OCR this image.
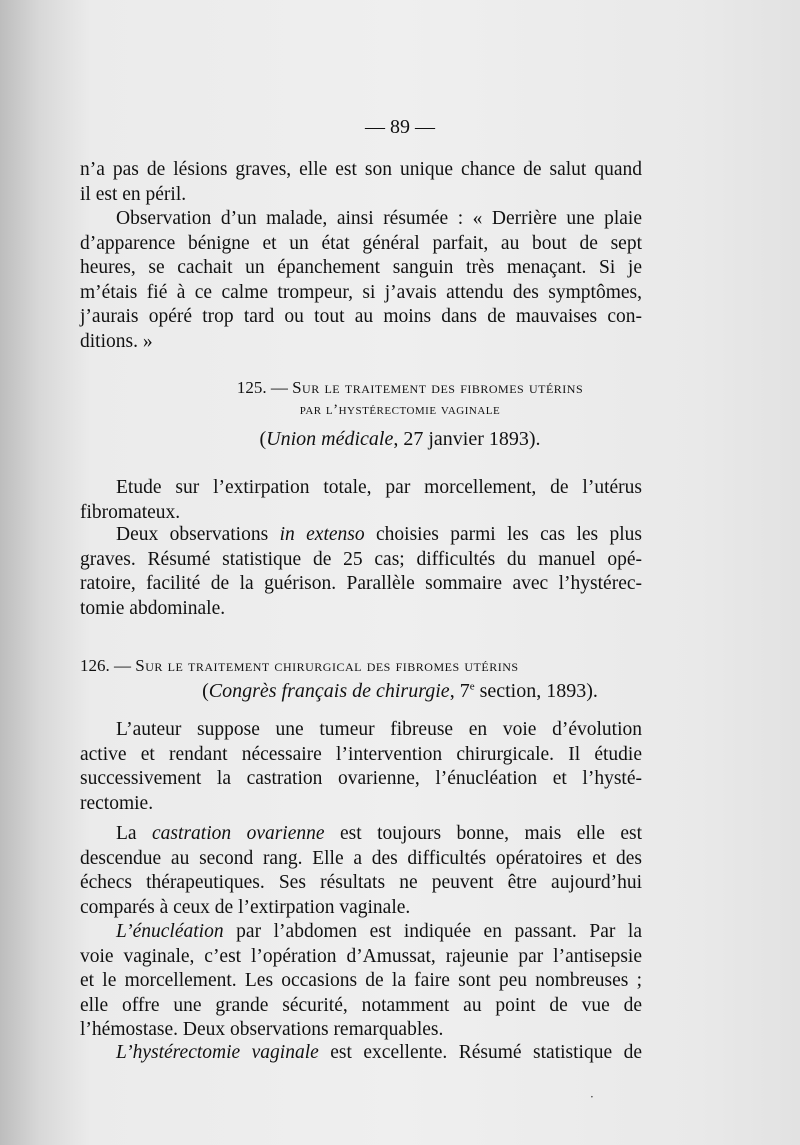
— 89 —
n’a pas de lésions graves, elle est son unique chance de salut quand
il est en péril.
Observation d’un malade, ainsi résumée : « Derrière une plaie
d’apparence bénigne et un état général parfait, au bout de sept
heures, se cachait un épanchement sanguin très menaçant. Si je
m’étais fié à ce calme trompeur, si j’avais attendu des symptômes,
j’aurais opéré trop tard ou tout au moins dans de mauvaises con-
ditions. »
125. — Sur le traitement des fibromes utérins
par l’hystérectomie vaginale
(Union médicale, 27 janvier 1893).
Etude sur l’extirpation totale, par morcellement, de l’utérus
fibromateux.
Deux observations in extenso choisies parmi les cas les plus
graves. Résumé statistique de 25 cas; difficultés du manuel opé-
ratoire, facilité de la guérison. Parallèle sommaire avec l’hystérec-
tomie abdominale.
126. — Sur le traitement chirurgical des fibromes utérins
(Congrès français de chirurgie, 7e section, 1893).
L’auteur suppose une tumeur fibreuse en voie d’évolution
active et rendant nécessaire l’intervention chirurgicale. Il étudie
successivement la castration ovarienne, l’énucléation et l’hysté-
rectomie.
La castration ovarienne est toujours bonne, mais elle est
descendue au second rang. Elle a des difficultés opératoires et des
échecs thérapeutiques. Ses résultats ne peuvent être aujourd’hui
comparés à ceux de l’extirpation vaginale.
L’énucléation par l’abdomen est indiquée en passant. Par la
voie vaginale, c’est l’opération d’Amussat, rajeunie par l’antisepsie
et le morcellement. Les occasions de la faire sont peu nombreuses ;
elle offre une grande sécurité, notamment au point de vue de
l’hémostase. Deux observations remarquables.
L’hystérectomie vaginale est excellente. Résumé statistique de
·
